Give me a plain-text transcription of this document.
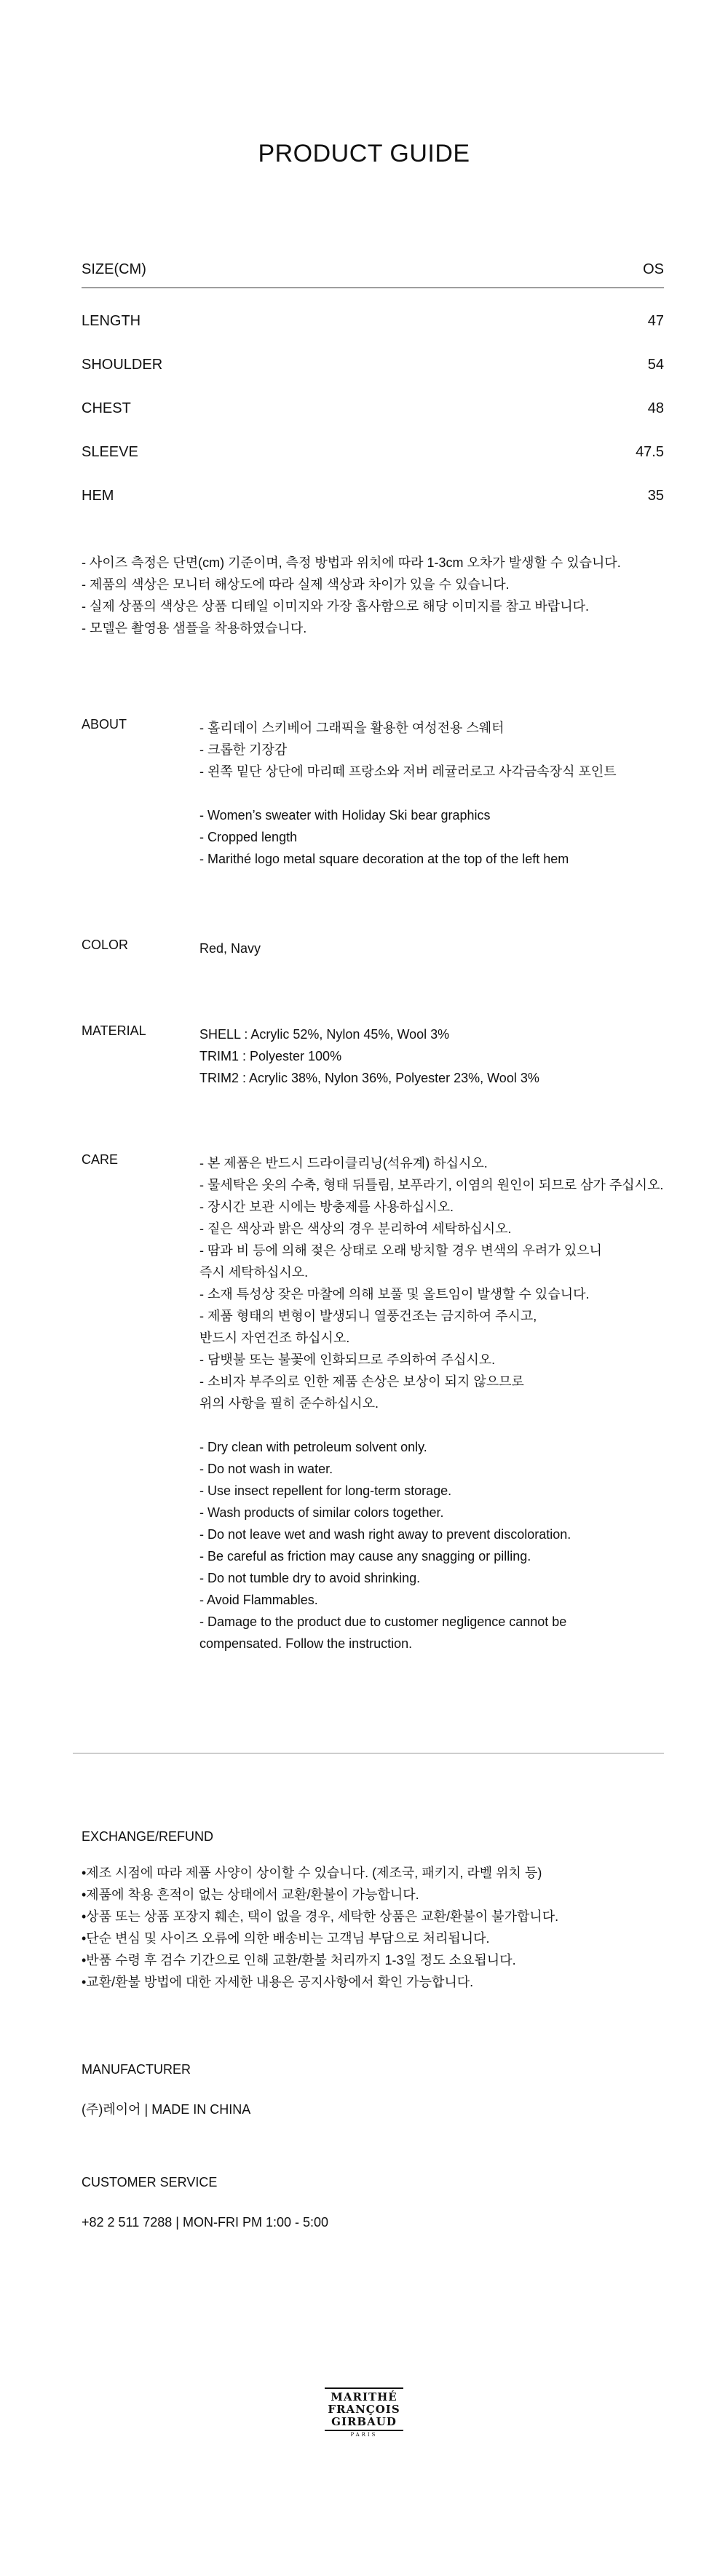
PRODUCT GUIDE
SIZE(CM)	OS
LENGTH	47
SHOULDER	54
CHEST	48
SLEEVE	47.5
HEM	35
- 사이즈 측정은 단면(cm) 기준이며, 측정 방법과 위치에 따라 1-3cm 오차가 발생할 수 있습니다.
- 제품의 색상은 모니터 해상도에 따라 실제 색상과 차이가 있을 수 있습니다.
- 실제 상품의 색상은 상품 디테일 이미지와 가장 흡사함으로 해당 이미지를 참고 바랍니다.
- 모델은 촬영용 샘플을 착용하였습니다.
ABOUT	- 홀리데이 스키베어 그래픽을 활용한 여성전용 스웨터
- 크롭한 기장감
- 왼쪽 밑단 상단에 마리떼 프랑소와 저버 레귤러로고 사각금속장식 포인트
- Women’s sweater with Holiday Ski bear graphics
- Cropped length
- Marithé logo metal square decoration at the top of the left hem
COLOR	Red, Navy
MATERIAL	SHELL : Acrylic 52%, Nylon 45%, Wool 3%
TRIM1 : Polyester 100%
TRIM2 : Acrylic 38%, Nylon 36%, Polyester 23%, Wool 3%
CARE	- 본 제품은 반드시 드라이클리닝(석유계) 하십시오.
- 물세탁은 옷의 수축, 형태 뒤틀림, 보푸라기, 이염의 원인이 되므로 삼가 주십시오.
- 장시간 보관 시에는 방충제를 사용하십시오.
- 짙은 색상과 밝은 색상의 경우 분리하여 세탁하십시오.
- 땀과 비 등에 의해 젖은 상태로 오래 방치할 경우 변색의 우려가 있으니
즉시 세탁하십시오.
- 소재 특성상 잦은 마찰에 의해 보풀 및 올트임이 발생할 수 있습니다.
- 제품 형태의 변형이 발생되니 열풍건조는 금지하여 주시고,
반드시 자연건조 하십시오.
- 담뱃불 또는 불꽃에 인화되므로 주의하여 주십시오.
- 소비자 부주의로 인한 제품 손상은 보상이 되지 않으므로
위의 사항을 필히 준수하십시오.
- Dry clean with petroleum solvent only.
- Do not wash in water.
- Use insect repellent for long-term storage.
- Wash products of similar colors together.
- Do not leave wet and wash right away to prevent discoloration.
- Be careful as friction may cause any snagging or pilling.
- Do not tumble dry to avoid shrinking.
- Avoid Flammables.
- Damage to the product due to customer negligence cannot be
compensated. Follow the instruction.
EXCHANGE/REFUND
•제조 시점에 따라 제품 사양이 상이할 수 있습니다. (제조국, 패키지, 라벨 위치 등)
•제품에 착용 흔적이 없는 상태에서 교환/환불이 가능합니다.
•상품 또는 상품 포장지 훼손, 택이 없을 경우, 세탁한 상품은 교환/환불이 불가합니다.
•단순 변심 및 사이즈 오류에 의한 배송비는 고객님 부담으로 처리됩니다.
•반품 수령 후 검수 기간으로 인해 교환/환불 처리까지 1-3일 정도 소요됩니다.
•교환/환불 방법에 대한 자세한 내용은 공지사항에서 확인 가능합니다.
MANUFACTURER
(주)레이어 | MADE IN CHINA
CUSTOMER SERVICE
+82 2 511 7288 | MON-FRI PM 1:00 - 5:00
MARITHÉ
FRANÇOIS
GIRBAUD
PARIS
